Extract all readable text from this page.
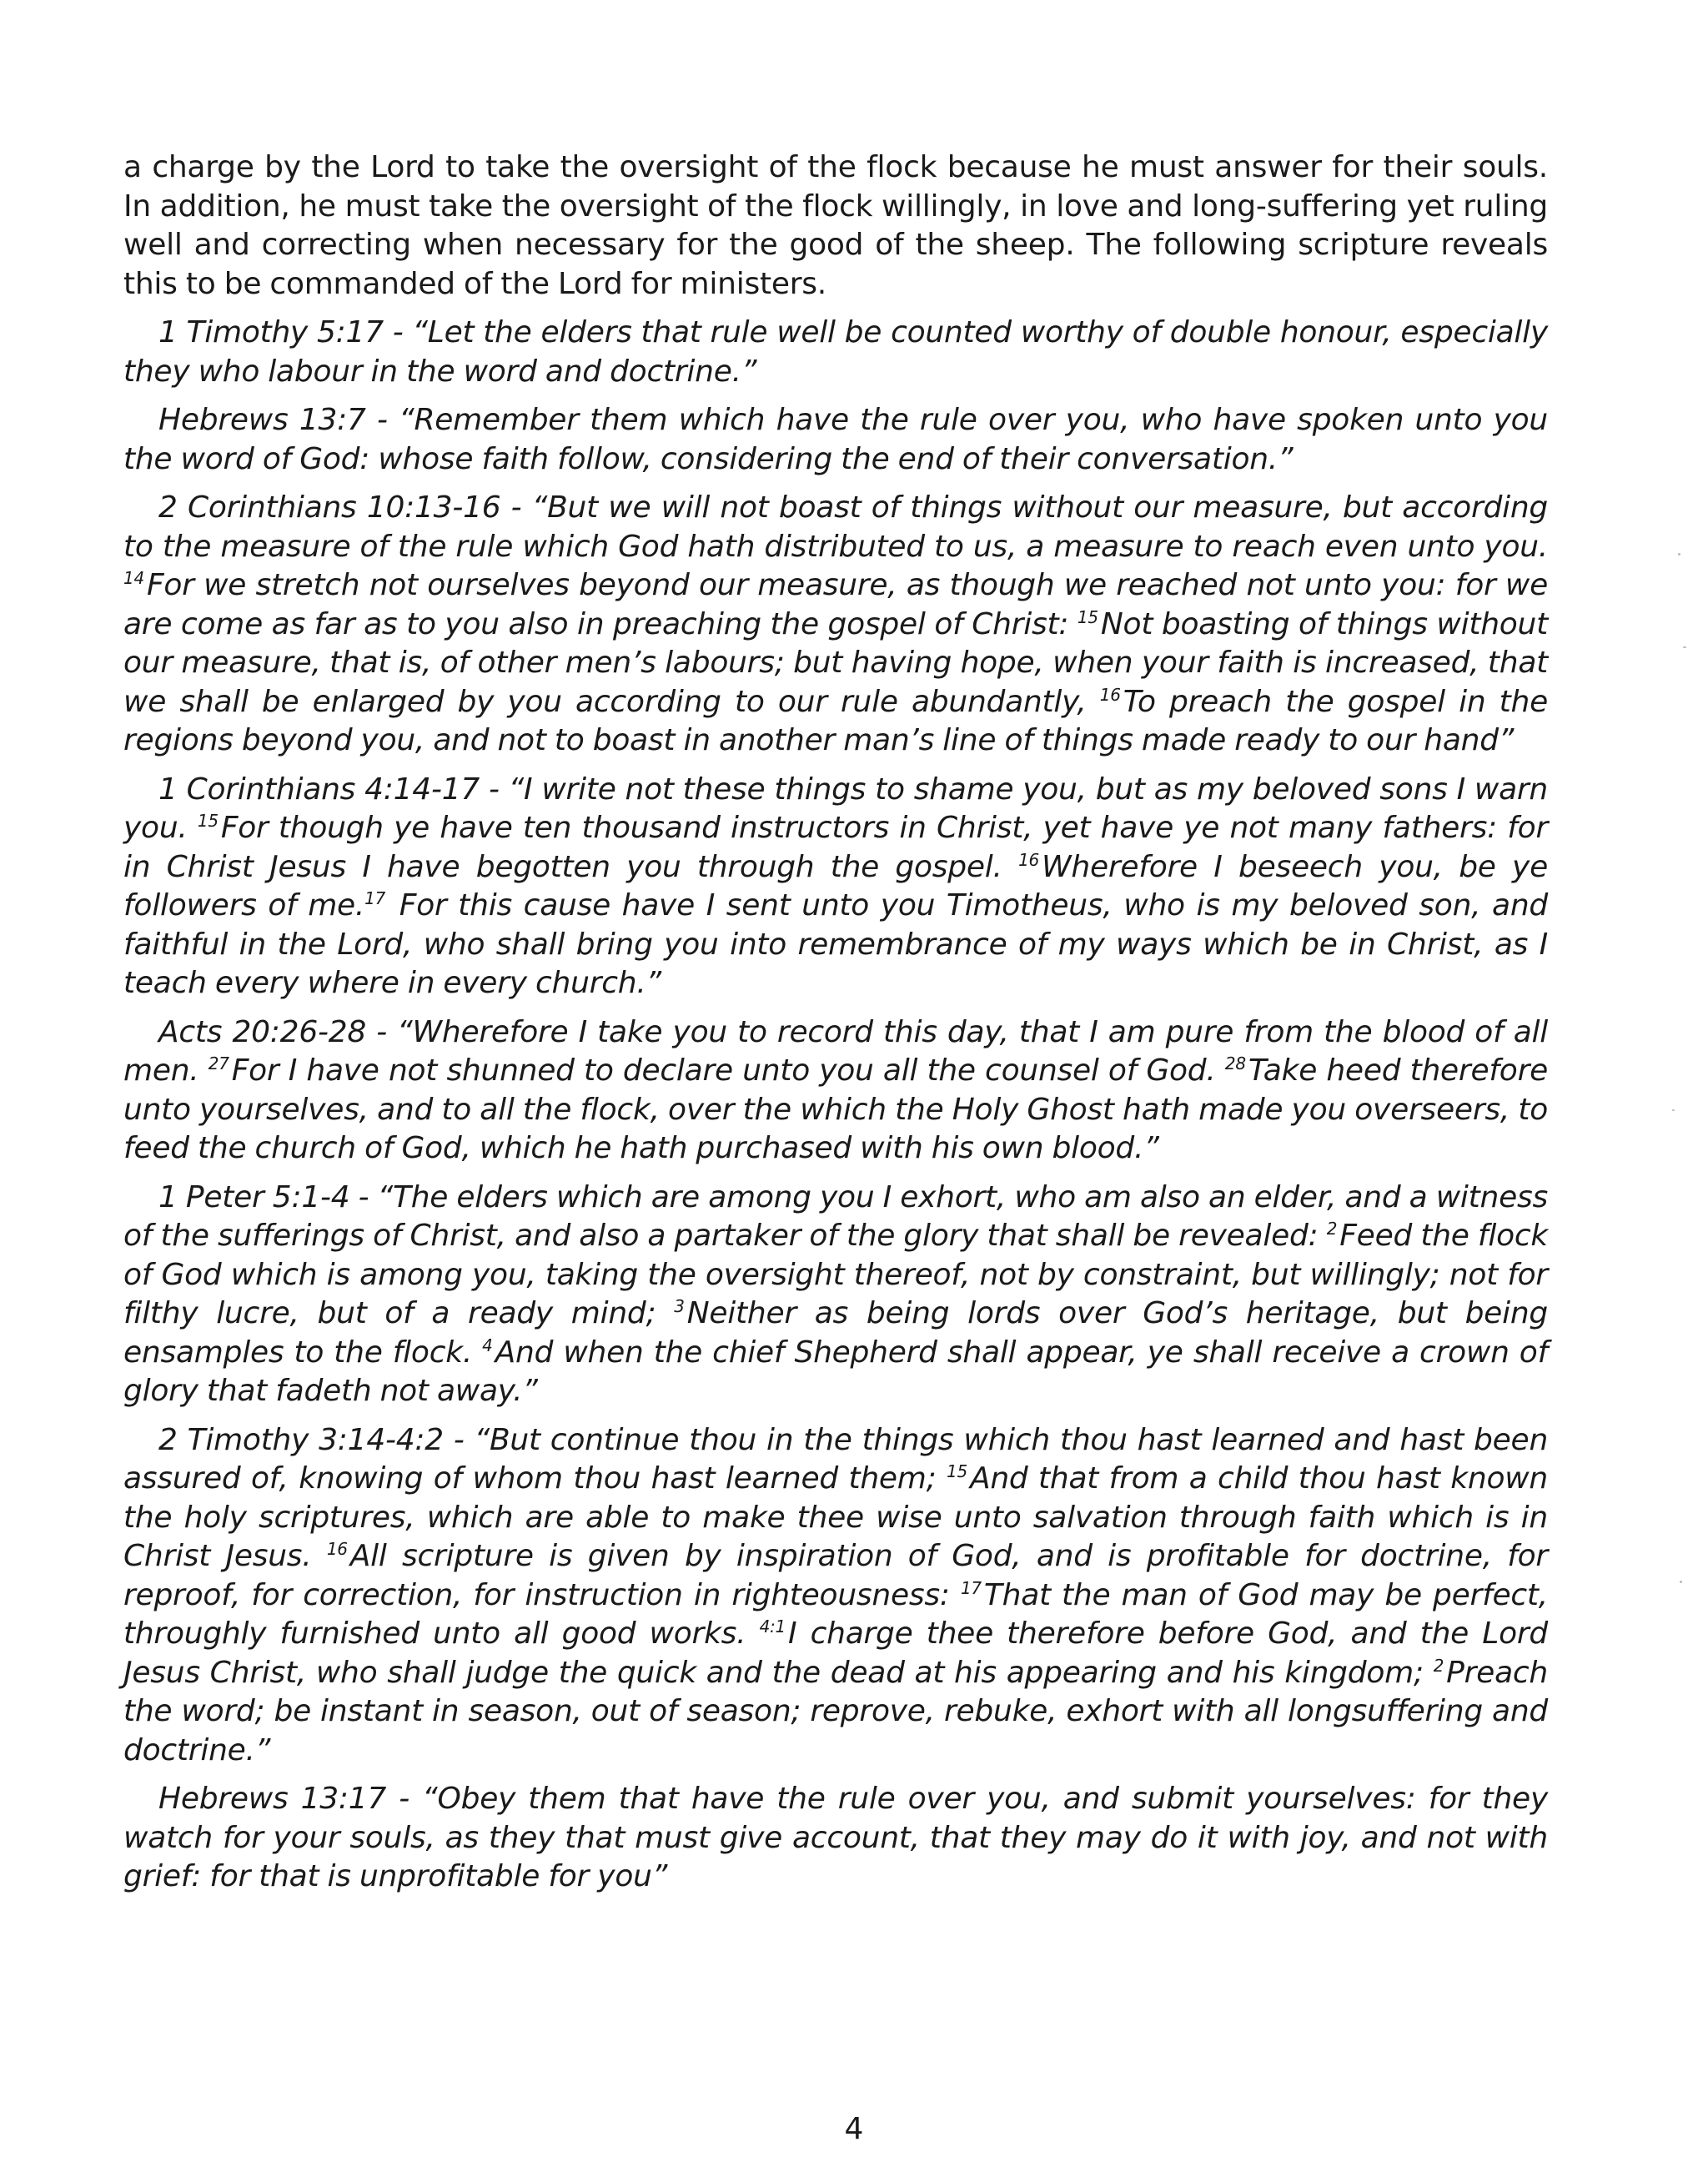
a charge by the Lord to take the oversight of the flock because he must answer for their souls. In addition, he must take the oversight of the flock willingly, in love and long-suffering yet ruling well and correcting when necessary for the good of the sheep. The following scripture reveals this to be commanded of the Lord for ministers.

1 Timothy 5:17 - “Let the elders that rule well be counted worthy of double honour, especially they who labour in the word and doctrine.”

Hebrews 13:7 - “Remember them which have the rule over you, who have spoken unto you the word of God: whose faith follow, considering the end of their conversation.”

2 Corinthians 10:13-16 - “But we will not boast of things without our measure, but according to the measure of the rule which God hath distributed to us, a measure to reach even unto you. $^{14}$For we stretch not ourselves beyond our measure, as though we reached not unto you: for we are come as far as to you also in preaching the gospel of Christ: $^{15}$Not boasting of things without our measure, that is, of other men’s labours; but having hope, when your faith is increased, that we shall be enlarged by you according to our rule abundantly, $^{16}$To preach the gospel in the regions beyond you, and not to boast in another man’s line of things made ready to our hand”

1 Corinthians 4:14-17 - “I write not these things to shame you, but as my beloved sons I warn you. $^{15}$For though ye have ten thousand instructors in Christ, yet have ye not many fathers: for in Christ Jesus I have begotten you through the gospel. $^{16}$Wherefore I beseech you, be ye followers of me.$^{17}$ For this cause have I sent unto you Timotheus, who is my beloved son, and faithful in the Lord, who shall bring you into remembrance of my ways which be in Christ, as I teach every where in every church.”

Acts 20:26-28 - “Wherefore I take you to record this day, that I am pure from the blood of all men. $^{27}$For I have not shunned to declare unto you all the counsel of God. $^{28}$Take heed therefore unto yourselves, and to all the flock, over the which the Holy Ghost hath made you overseers, to feed the church of God, which he hath purchased with his own blood.”

1 Peter 5:1-4 - “The elders which are among you I exhort, who am also an elder, and a witness of the sufferings of Christ, and also a partaker of the glory that shall be revealed: $^2$Feed the flock of God which is among you, taking the oversight thereof, not by constraint, but willingly; not for filthy lucre, but of a ready mind; $^3$Neither as being lords over God’s heritage, but being ensamples to the flock. $^4$And when the chief Shepherd shall appear, ye shall receive a crown of glory that fadeth not away.”

2 Timothy 3:14-4:2 - “But continue thou in the things which thou hast learned and hast been assured of, knowing of whom thou hast learned them; $^{15}$And that from a child thou hast known the holy scriptures, which are able to make thee wise unto salvation through faith which is in Christ Jesus. $^{16}$All scripture is given by inspiration of God, and is profitable for doctrine, for reproof, for correction, for instruction in righteousness: $^{17}$That the man of God may be perfect, throughly furnished unto all good works. $^{4:1}$I charge thee therefore before God, and the Lord Jesus Christ, who shall judge the quick and the dead at his appearing and his kingdom; $^2$Preach the word; be instant in season, out of season; reprove, rebuke, exhort with all longsuffering and doctrine.”

Hebrews 13:17 - “Obey them that have the rule over you, and submit yourselves: for they watch for your souls, as they that must give account, that they may do it with joy, and not with grief: for that is unprofitable for you”

4
